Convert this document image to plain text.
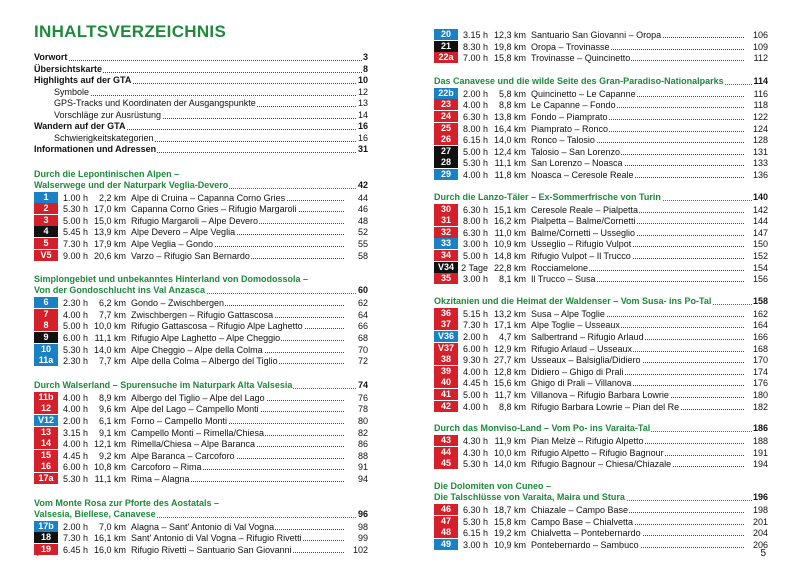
INHALTSVERZEICHNIS
Vorwort	3
Übersichtskarte	8
Highlights auf der GTA	10
Symbole	12
GPS-Tracks und Koordinaten der Ausgangspunkte	13
Vorschläge zur Ausrüstung	14
Wandern auf der GTA	16
Schwierigkeitskategorien	16
Informationen und Adressen	31
Durch die Lepontinischen Alpen –
Walserwege und der Naturpark Veglia-Devero	42
1	1.00 h	2,2 km Alpe di Cruina – Capanna Corno Gries	44
2	5.30 h 17,0 km Capanna Corno Gries – Rifugio Margaroli	46
3	5.00 h 15,0 km Rifugio Margaroli – Alpe Devero	48
4	5.45 h 13,9 km Alpe Devero – Alpe Veglia	52
5	7.30 h 17,9 km Alpe Veglia – Gondo	55
V5	9.00 h 20,6 km Varzo – Rifugio San Bernardo	58
Simplongebiet und unbekanntes Hinterland von Domodossola –
Von der Gondoschlucht ins Val Anzasca	60
6	2.30 h	6,2 km Gondo – Zwischbergen	62
7	4.00 h	7,7 km Zwischbergen – Rifugio Gattascosa	64
8	5.00 h 10,0 km Rifugio Gattascosa – Rifugio Alpe Laghetto	66
9	6.00 h 11,1 km Rifugio Alpe Laghetto – Alpe Cheggio	68
10	5.30 h 14,0 km Alpe Cheggio – Alpe della Colma	70
11a	2.30 h	7,7 km Alpe della Colma – Albergo del Tiglio	72
Durch Walserland – Spurensuche im Naturpark Alta Valsesia	74
11b	4.00 h	8,9 km Albergo del Tiglio – Alpe del Lago	76
12	4.00 h	9,6 km Alpe del Lago – Campello Monti	78
V12 2.00 h	6,1 km Forno – Campello Monti	80
13	3.15 h	9,1 km Campello Monti – Rimella/Chiesa	82
14	4.00 h 12,1 km Rimella/Chiesa – Alpe Baranca	86
15	4.45 h	9,2 km Alpe Baranca – Carcoforo	88
16	6.00 h 10,8 km Carcoforo – Rima	91
17a	5.30 h 11,1 km Rima – Alagna	94
Vom Monte Rosa zur Pforte des Aostatals –
Valsesia, Biellese, Canavese	96
17b	2.00 h	7,0 km Alagna – Sant' Antonio di Val Vogna	98
18	7.30 h 16,1 km Sant' Antonio di Val Vogna – Rifugio Rivetti	99
19	6.45 h 16,0 km Rifugio Rivetti – Santuario San Giovanni	102	5
20	3.15 h 12,3 km Santuario San Giovanni – Oropa	106
21	8.30 h 19,8 km Oropa – Trovinasse	109
22a	7.00 h 15,8 km Trovinasse – Quincinetto	112
Das Canavese und die wilde Seite des Gran-Paradiso-Nationalparks	114
22b	2.00 h	5,8 km Quincinetto – Le Capanne	116
23	4.00 h	8,8 km Le Capanne – Fondo	118
24	6.30 h 13,8 km Fondo – Piamprato	122
25	8.00 h 16,4 km Piamprato – Ronco	124
26	6.15 h 14,0 km Ronco – Talosio	128
27	5.00 h 12,4 km Talosio – San Lorenzo	131
28	5.30 h 11,1 km San Lorenzo – Noasca	133
29	4.00 h 11,8 km Noasca – Ceresole Reale	136
Durch die Lanzo-Täler – Ex-Sommerfrische von Turin	140
30	6.30 h 15,1 km Ceresole Reale – Pialpetta	142
31	8.00 h 16,2 km Pialpetta – Balme/Cornetti	144
32	6.30 h 11,0 km Balme/Cornetti – Usseglio	147
33	3.00 h 10,9 km Usseglio – Rifugio Vulpot	150
34	5.00 h 14,8 km Rifugio Vulpot – Il Trucco	152
V34 2 Tage 22,8 km Rocciamelone	154
35	3.00 h	8,1 km Il Trucco – Susa	156
Okzitanien und die Heimat der Waldenser – Vom Susa- ins Po-Tal	158
36	5.15 h 13,2 km Susa – Alpe Toglie	162
37	7.30 h 17,1 km Alpe Toglie – Usseaux	164
V36 2.00 h	4,7 km Salbertrand – Rifugio Arlaud	166
V37 6.00 h 12,9 km Rifugio Arlaud – Usseaux	168
38	9.30 h 27,7 km Usseaux – Balsiglia/Didiero	170
39	4.00 h 12,8 km Didiero – Ghigo di Prali	174
40	4.45 h 15,6 km Ghigo di Prali – Villanova	176
41	5.00 h 11,7 km Villanova – Rifugio Barbara Lowrie	180
42	4.00 h	8,8 km Rifugio Barbara Lowrie – Pian del Re	182
Durch das Monviso-Land – Vom Po- ins Varaita-Tal	186
43	4.30 h 11,9 km Pian Melzè – Rifugio Alpetto	188
44	4.30 h 10,0 km Rifugio Alpetto – Rifugio Bagnour	191
45	5.30 h 14,0 km Rifugio Bagnour – Chiesa/Chiazale	194
Die Dolomiten von Cuneo –
Die Talschlüsse von Varaita, Maira und Stura	196
46	6.30 h 18,7 km Chiazale – Campo Base	198
47	5.30 h 15,8 km Campo Base – Chialvetta	201
48	6.15 h 19,2 km Chialvetta – Pontebernardo	204
49	3.00 h 10,9 km Pontebernardo – Sambuco	206
